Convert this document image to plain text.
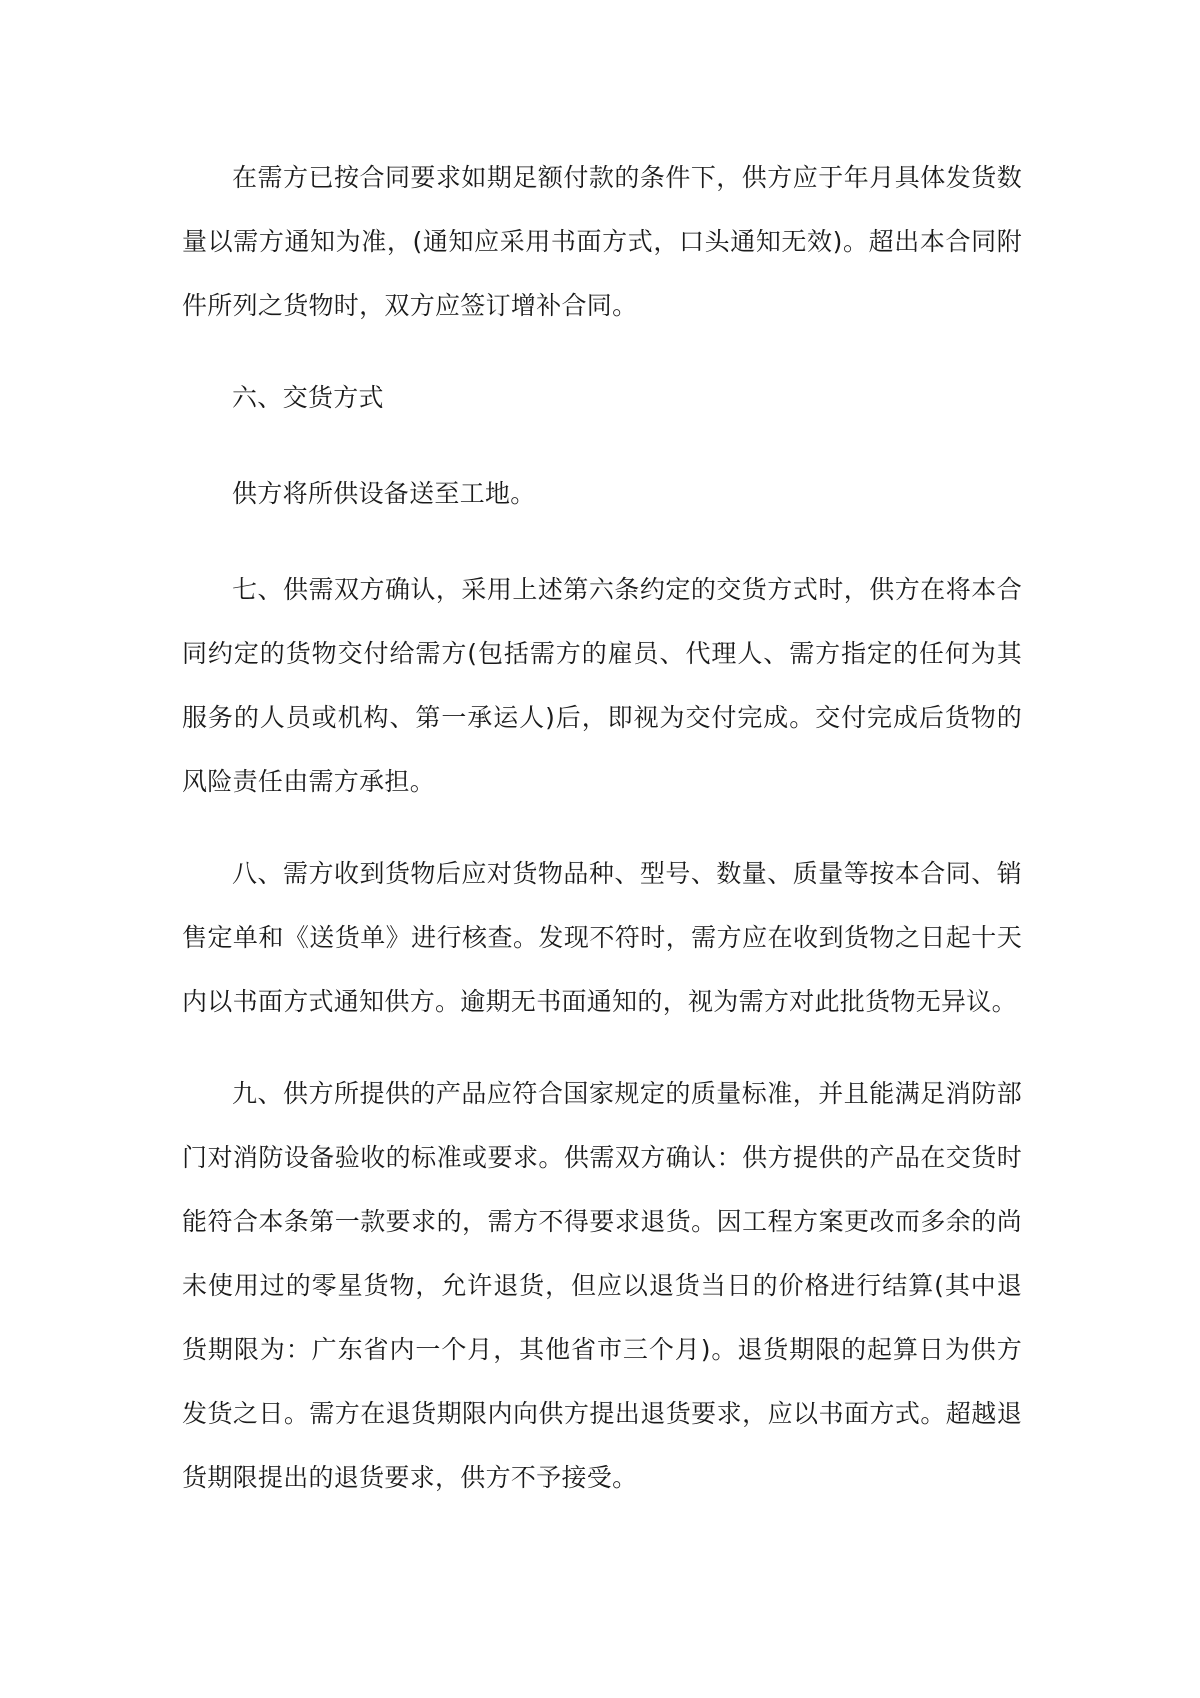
在需方已按合同要求如期足额付款的条件下，供方应于年月具体发货数量以需方通知为准，(通知应采用书面方式，口头通知无效)。超出本合同附件所列之货物时，双方应签订增补合同。

六、交货方式

供方将所供设备送至工地。

七、供需双方确认，采用上述第六条约定的交货方式时，供方在将本合同约定的货物交付给需方(包括需方的雇员、代理人、需方指定的任何为其服务的人员或机构、第一承运人)后，即视为交付完成。交付完成后货物的风险责任由需方承担。

八、需方收到货物后应对货物品种、型号、数量、质量等按本合同、销售定单和《送货单》进行核查。发现不符时，需方应在收到货物之日起十天内以书面方式通知供方。逾期无书面通知的，视为需方对此批货物无异议。

九、供方所提供的产品应符合国家规定的质量标准，并且能满足消防部门对消防设备验收的标准或要求。供需双方确认：供方提供的产品在交货时能符合本条第一款要求的，需方不得要求退货。因工程方案更改而多余的尚未使用过的零星货物，允许退货，但应以退货当日的价格进行结算(其中退货期限为：广东省内一个月，其他省市三个月)。退货期限的起算日为供方发货之日。需方在退货期限内向供方提出退货要求，应以书面方式。超越退货期限提出的退货要求，供方不予接受。
